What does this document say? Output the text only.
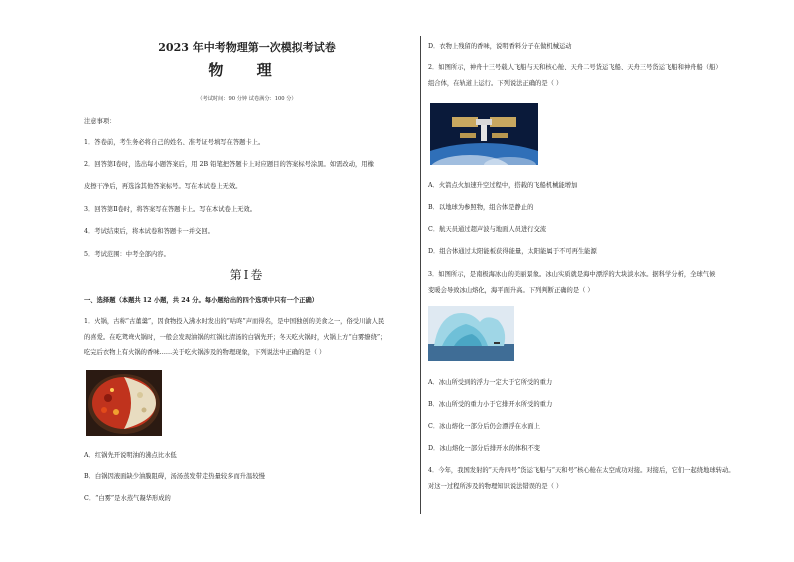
2023 年中考物理第一次模拟考试卷
物 理
（考试时间：90 分钟 试卷满分：100 分）
注意事项：
1．答卷前，考生务必将自己的姓名、准考证号填写在答题卡上。
2．回答第Ⅰ卷时，选出每小题答案后，用 2B 铅笔把答题卡上对应题目的答案标号涂黑。如需改动，用橡
皮擦干净后，再选涂其他答案标号。写在本试卷上无效。
3．回答第Ⅱ卷时，将答案写在答题卡上。写在本试卷上无效。
4．考试结束后，将本试卷和答题卡一并交回。
5．考试范围：中考全部内容。
第Ⅰ卷
一、选择题（本题共 12 小题，共 24 分。每小题给出的四个选项中只有一个正确）
1．火锅，古称“古董羹”，因食物投入沸水时发出的“咕咚”声而得名，是中国独创的美食之一，俗受川渝人民
的喜爱。在吃鸳鸯火锅时，一般会发现油锅的红锅比清汤的白锅先开；冬天吃火锅时，火锅上方“白雾缭绕”；
吃完后衣物上有火锅的香味……关于吃火锅涉及的物理现象，下列说法中正确的是（ ）
A．红锅先开说明油的沸点比水低
B．白锅因液面缺少油膜阻碍，汤汤蒸发带走热量较多而升温较慢
C．“白雾”是水蒸气凝华形成的
D．衣物上残留的香味，说明香料分子在做机械运动
2．如图所示，神舟十三号载人飞船与天和核心舱、天舟二号货运飞船、天舟三号货运飞船和神舟船（船）
组合体，在轨道上运行。下列说法正确的是（ ）
A．火箭点火加速升空过程中，搭载的飞船机械能增加
B．以地球为参照物，组合体是静止的
C．航天员通过超声波与地面人员进行交流
D．组合体通过太阳能板获得能量，太阳能属于不可再生能源
3．如图所示，是南极海冰山的美丽景象。冰山实质就是海中漂浮的大块淡水冰。据科学分析，全球气候
变暖会导致冰山熔化，海平面升高。下列判断正确的是（ ）
A．冰山所受到的浮力一定大于它所受的重力
B．冰山所受的重力小于它排开水所受的重力
C．冰山熔化一部分后仍会漂浮在水面上
D．冰山熔化一部分后排开水的体积不变
4．今年，我国发射的“天舟四号”货运飞船与“天和号”核心舱在太空成功对接。对接后，它们一起绕地球转动。
对这一过程所涉及的物理知识说法错误的是（ ）
